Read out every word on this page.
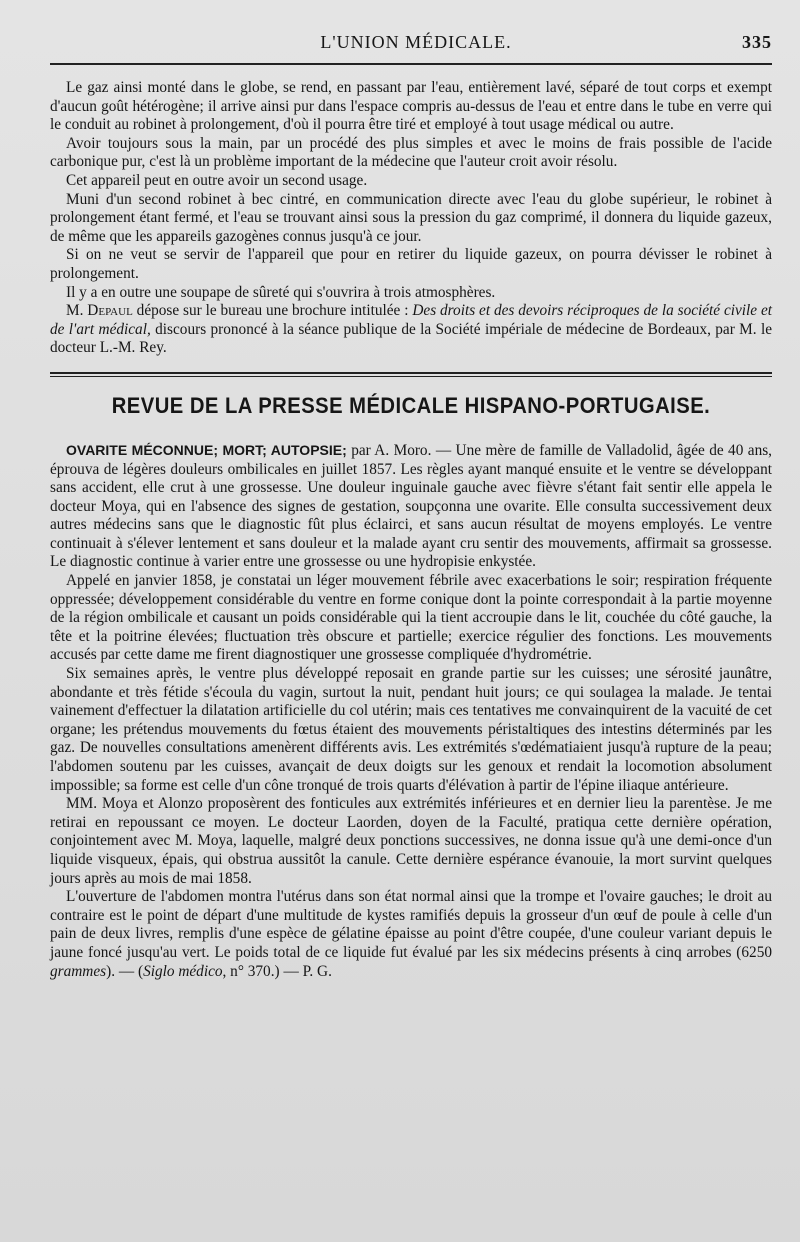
L'UNION MÉDICALE.	335

Le gaz ainsi monté dans le globe, se rend, en passant par l'eau, entièrement lavé, séparé de tout corps et exempt d'aucun goût hétérogène; il arrive ainsi pur dans l'espace compris au-dessus de l'eau et entre dans le tube en verre qui le conduit au robinet à prolongement, d'où il pourra être tiré et employé à tout usage médical ou autre.

Avoir toujours sous la main, par un procédé des plus simples et avec le moins de frais possible de l'acide carbonique pur, c'est là un problème important de la médecine que l'auteur croit avoir résolu.

Cet appareil peut en outre avoir un second usage.

Muni d'un second robinet à bec cintré, en communication directe avec l'eau du globe supérieur, le robinet à prolongement étant fermé, et l'eau se trouvant ainsi sous la pression du gaz comprimé, il donnera du liquide gazeux, de même que les appareils gazogènes connus jusqu'à ce jour.

Si on ne veut se servir de l'appareil que pour en retirer du liquide gazeux, on pourra dévisser le robinet à prolongement.

Il y a en outre une soupape de sûreté qui s'ouvrira à trois atmosphères.

M. Depaul dépose sur le bureau une brochure intitulée : Des droits et des devoirs réciproques de la société civile et de l'art médical, discours prononcé à la séance publique de la Société impériale de médecine de Bordeaux, par M. le docteur L.-M. Rey.

REVUE DE LA PRESSE MÉDICALE HISPANO-PORTUGAISE.

OVARITE MÉCONNUE; MORT; AUTOPSIE; par A. Moro. — Une mère de famille de Valladolid, âgée de 40 ans, éprouva de légères douleurs ombilicales en juillet 1857. Les règles ayant manqué ensuite et le ventre se développant sans accident, elle crut à une grossesse. Une douleur inguinale gauche avec fièvre s'étant fait sentir elle appela le docteur Moya, qui en l'absence des signes de gestation, soupçonna une ovarite. Elle consulta successivement deux autres médecins sans que le diagnostic fût plus éclairci, et sans aucun résultat de moyens employés. Le ventre continuait à s'élever lentement et sans douleur et la malade ayant cru sentir des mouvements, affirmait sa grossesse. Le diagnostic continue à varier entre une grossesse ou une hydropisie enkystée.

Appelé en janvier 1858, je constatai un léger mouvement fébrile avec exacerbations le soir; respiration fréquente oppressée; développement considérable du ventre en forme conique dont la pointe correspondait à la partie moyenne de la région ombilicale et causant un poids considérable qui la tient accroupie dans le lit, couchée du côté gauche, la tête et la poitrine élevées; fluctuation très obscure et partielle; exercice régulier des fonctions. Les mouvements accusés par cette dame me firent diagnostiquer une grossesse compliquée d'hydrométrie.

Six semaines après, le ventre plus développé reposait en grande partie sur les cuisses; une sérosité jaunâtre, abondante et très fétide s'écoula du vagin, surtout la nuit, pendant huit jours; ce qui soulagea la malade. Je tentai vainement d'effectuer la dilatation artificielle du col utérin; mais ces tentatives me convainquirent de la vacuité de cet organe; les prétendus mouvements du fœtus étaient des mouvements péristaltiques des intestins déterminés par les gaz. De nouvelles consultations amenèrent différents avis. Les extrémités s'œdématiaient jusqu'à rupture de la peau; l'abdomen soutenu par les cuisses, avançait de deux doigts sur les genoux et rendait la locomotion absolument impossible; sa forme est celle d'un cône tronqué de trois quarts d'élévation à partir de l'épine iliaque antérieure.

MM. Moya et Alonzo proposèrent des fonticules aux extrémités inférieures et en dernier lieu la parentèse. Je me retirai en repoussant ce moyen. Le docteur Laorden, doyen de la Faculté, pratiqua cette dernière opération, conjointement avec M. Moya, laquelle, malgré deux ponctions successives, ne donna issue qu'à une demi-once d'un liquide visqueux, épais, qui obstrua aussitôt la canule. Cette dernière espérance évanouie, la mort survint quelques jours après au mois de mai 1858.

L'ouverture de l'abdomen montra l'utérus dans son état normal ainsi que la trompe et l'ovaire gauches; le droit au contraire est le point de départ d'une multitude de kystes ramifiés depuis la grosseur d'un œuf de poule à celle d'un pain de deux livres, remplis d'une espèce de gélatine épaisse au point d'être coupée, d'une couleur variant depuis le jaune foncé jusqu'au vert. Le poids total de ce liquide fut évalué par les six médecins présents à cinq arrobes (6250 grammes). — (Siglo médico, n° 370.) — P. G.
